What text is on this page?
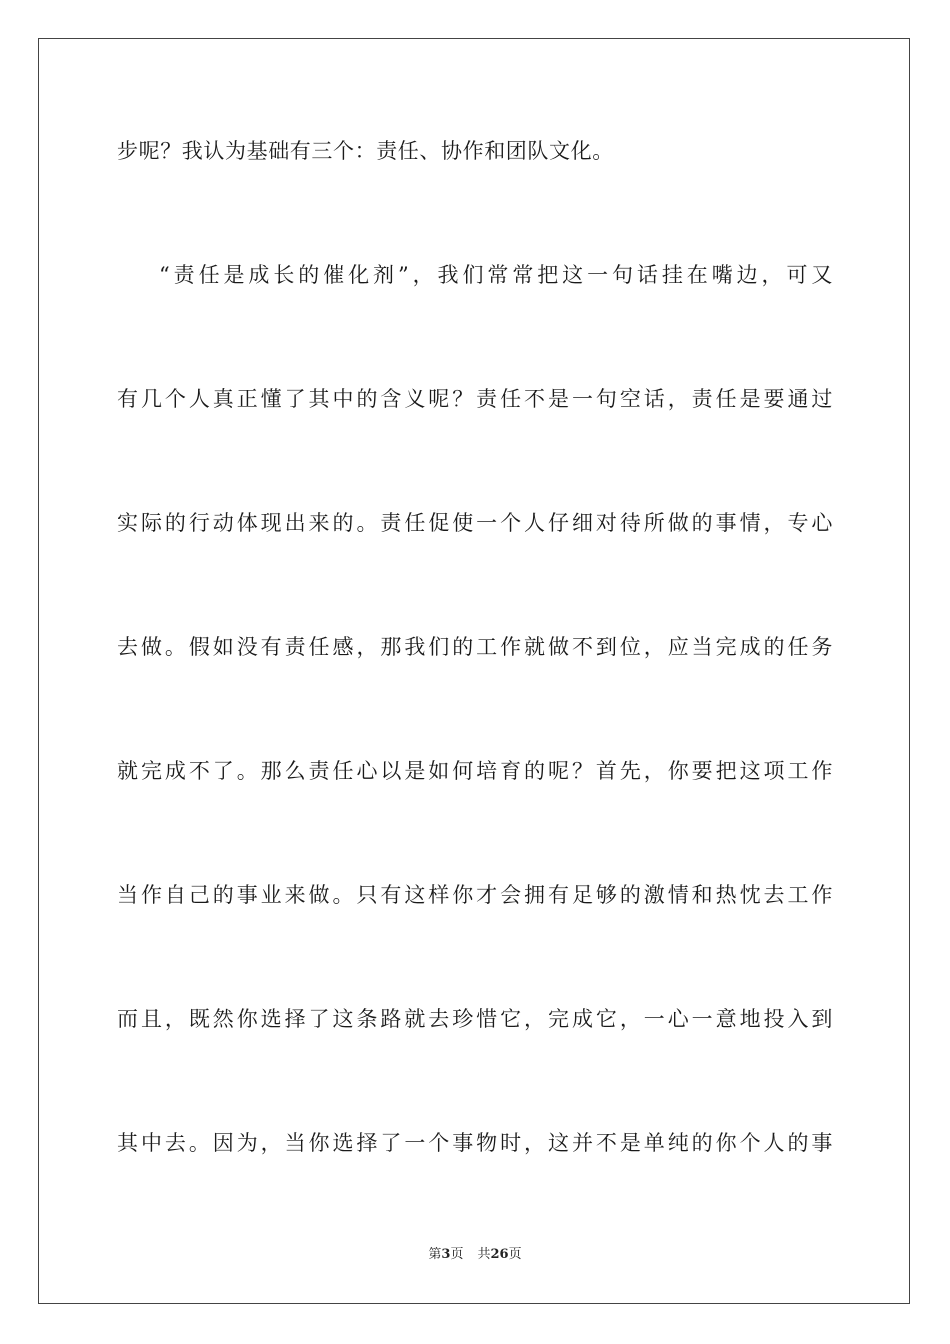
步呢？我认为基础有三个：责任、协作和团队文化。
“责任是成长的催化剂”，我们常常把这一句话挂在嘴边，可又
有几个人真正懂了其中的含义呢？责任不是一句空话，责任是要通过
实际的行动体现出来的。责任促使一个人仔细对待所做的事情，专心
去做。假如没有责任感，那我们的工作就做不到位，应当完成的任务
就完成不了。那么责任心以是如何培育的呢？首先，你要把这项工作
当作自己的事业来做。只有这样你才会拥有足够的激情和热忱去工作
而且，既然你选择了这条路就去珍惜它，完成它，一心一意地投入到
其中去。因为，当你选择了一个事物时，这并不是单纯的你个人的事
第3页 共26页
